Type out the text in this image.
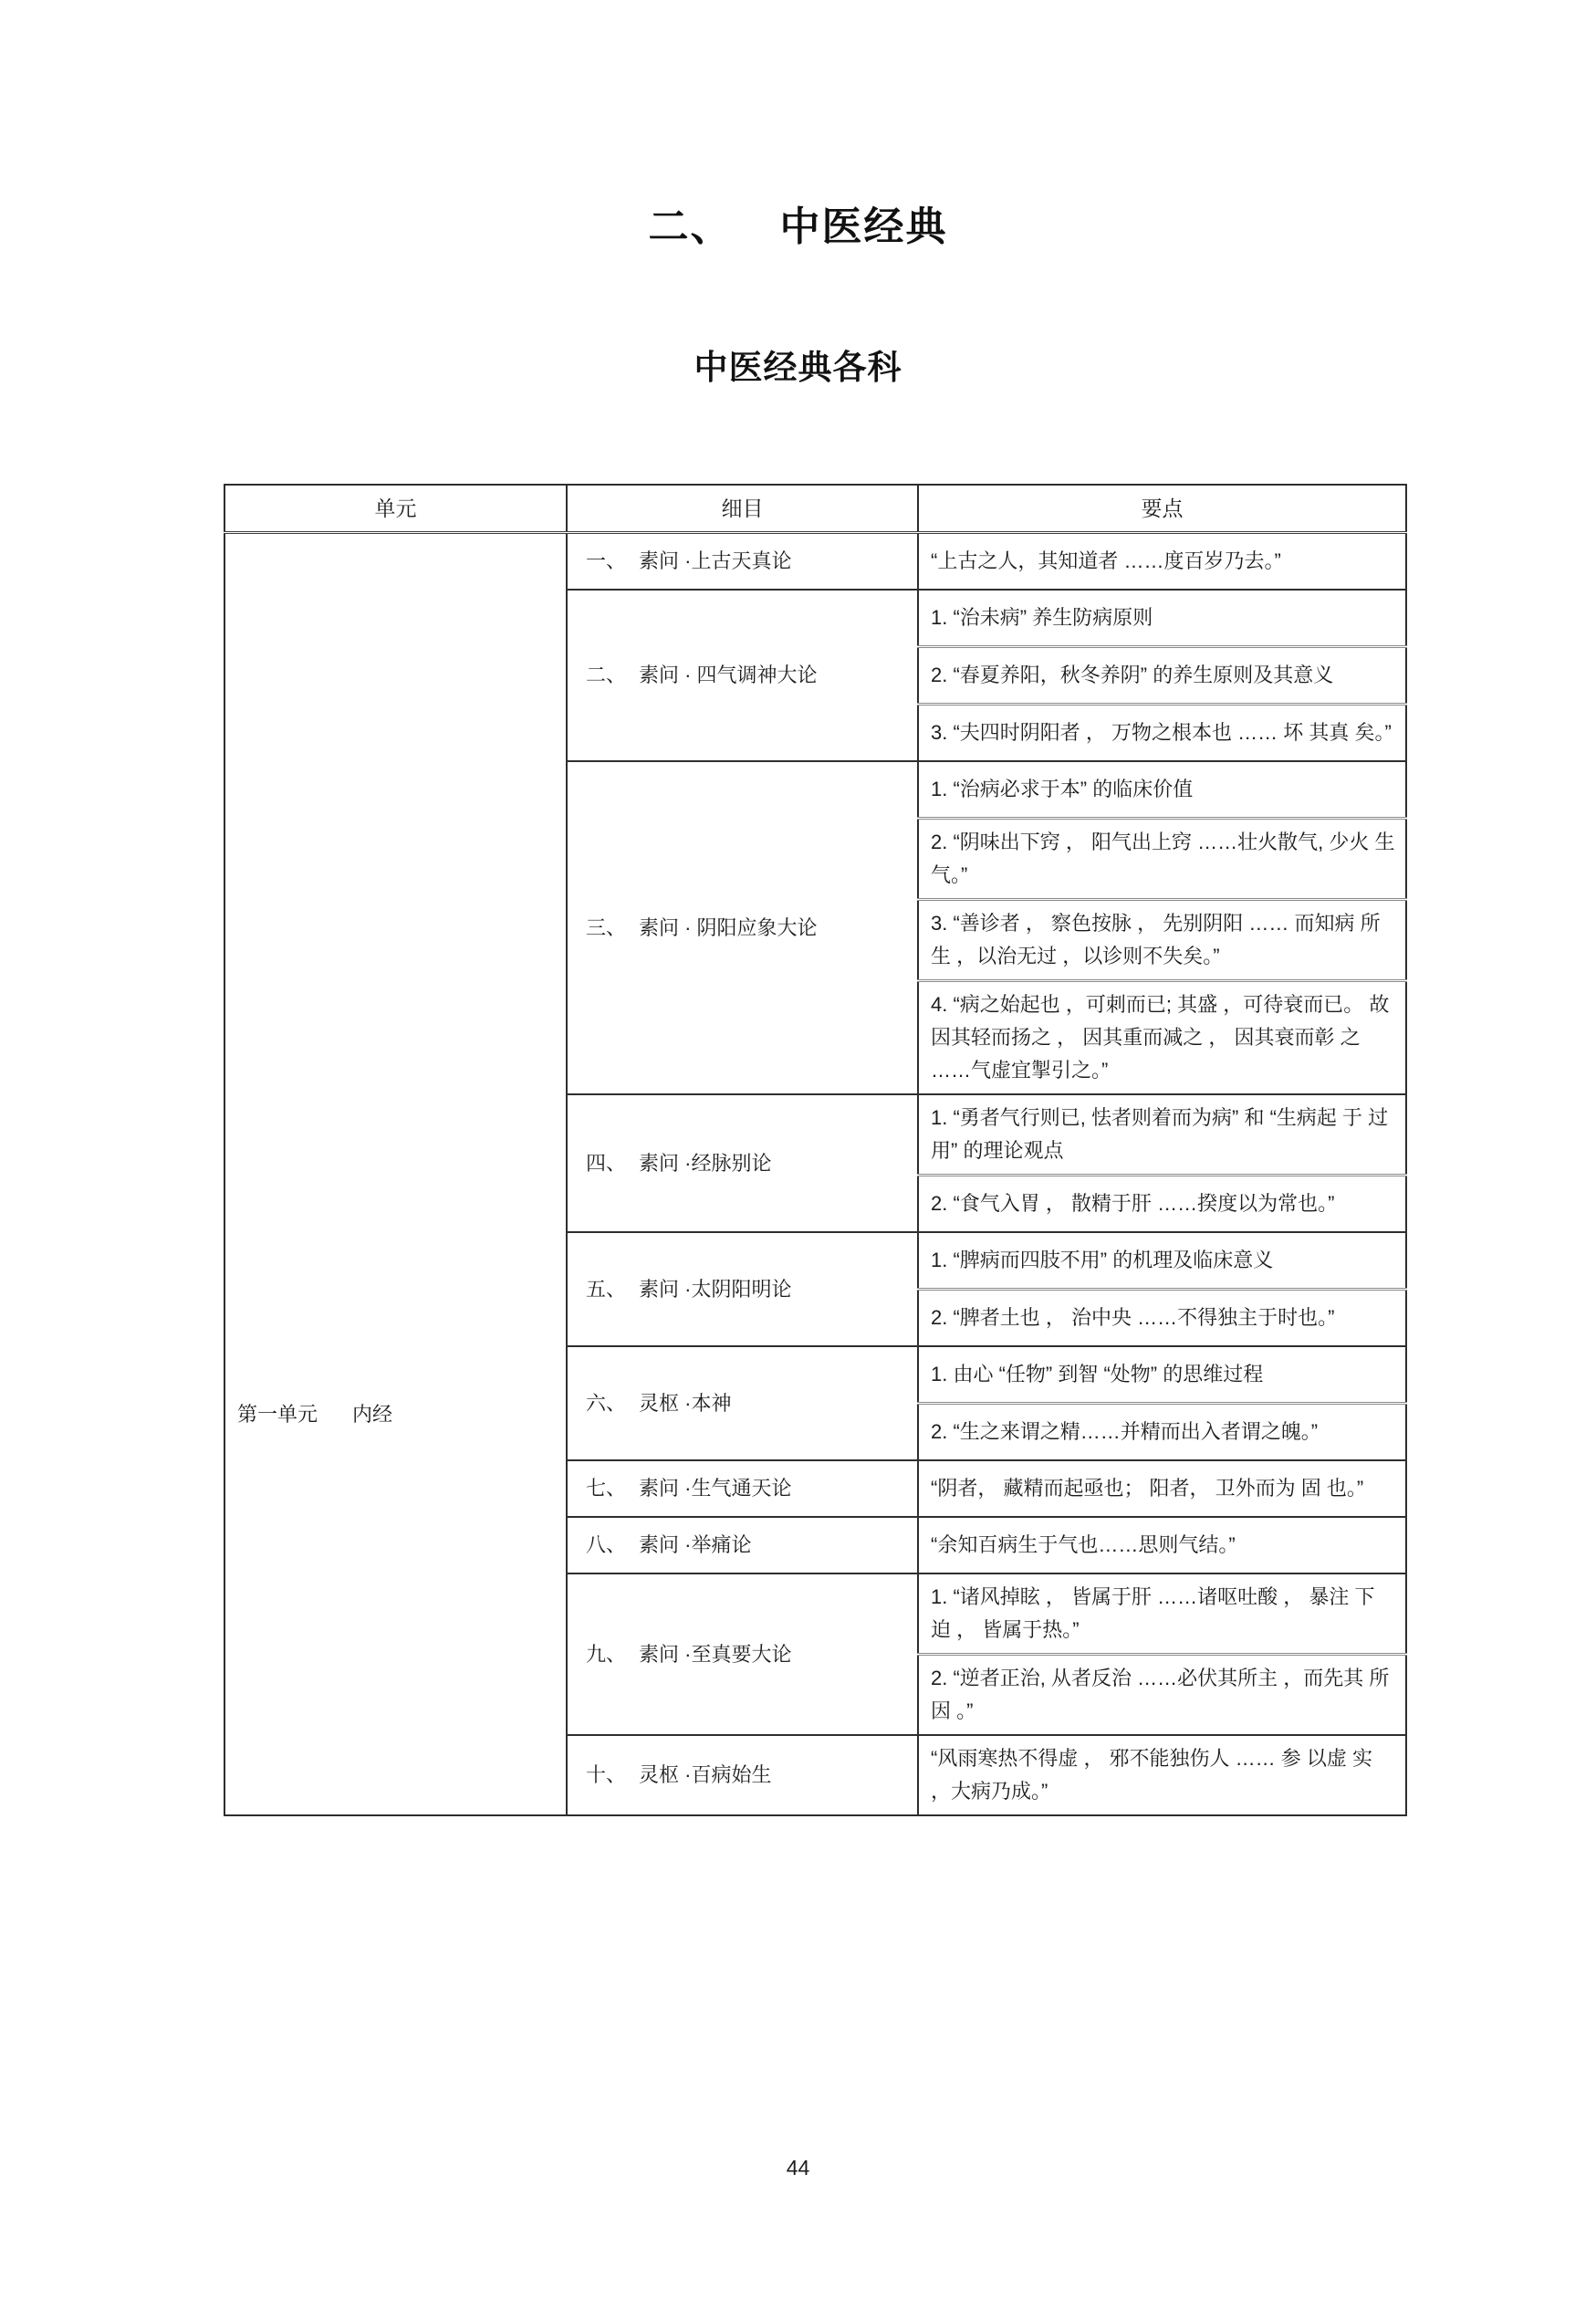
二、 中医经典
中医经典各科
单元	细目	要点

第一单元 内经	一、 素问 ·上古天真论	“上古之人，其知道者 ……度百岁乃去。”
	二、 素问 · 四气调神大论	1. “治未病” 养生防病原则
		2. “春夏养阳，秋冬养阴” 的养生原则及其意义
		3. “夫四时阴阳者 ， 万物之根本也 …… 坏 其真 矣。”
	三、 素问 · 阴阳应象大论	1. “治病必求于本” 的临床价值
		2. “阴味出下窍 ， 阳气出上窍 ……壮火散气, 少火 生 气。”
		3. “善诊者 ， 察色按脉 ， 先别阴阳 …… 而知病 所 生 ，以治无过 ，以诊则不失矣。”
		4. “病之始起也 ，可刺而已; 其盛 ，可待衰而已。 故 因其轻而扬之 ， 因其重而减之 ， 因其衰而彰 之 ……气虚宜掣引之。”
	四、 素问 ·经脉别论	1. “勇者气行则已, 怯者则着而为病” 和 “生病起 于 过用” 的理论观点
		2. “食气入胃 ， 散精于肝 ……揆度以为常也。”
	五、 素问 ·太阴阳明论	1. “脾病而四肢不用” 的机理及临床意义
		2. “脾者土也 ， 治中央 ……不得独主于时也。”
	六、 灵枢 ·本神	1. 由心 “任物” 到智 “处物” 的思维过程
		2. “生之来谓之精……并精而出入者谓之魄。”
	七、 素问 ·生气通天论	“阴者， 藏精而起亟也； 阳者， 卫外而为 固 也。”
	八、 素问 ·举痛论	“余知百病生于气也……思则气结。”
	九、 素问 ·至真要大论	1. “诸风掉眩 ， 皆属于肝 ……诸呕吐酸 ， 暴注 下 迫 ， 皆属于热。”
		2. “逆者正治, 从者反治 ……必伏其所主 ，而先其 所因 。”
	十、 灵枢 ·百病始生	“风雨寒热不得虚 ， 邪不能独伤人 …… 参 以虚 实 ，大病乃成。”
44
